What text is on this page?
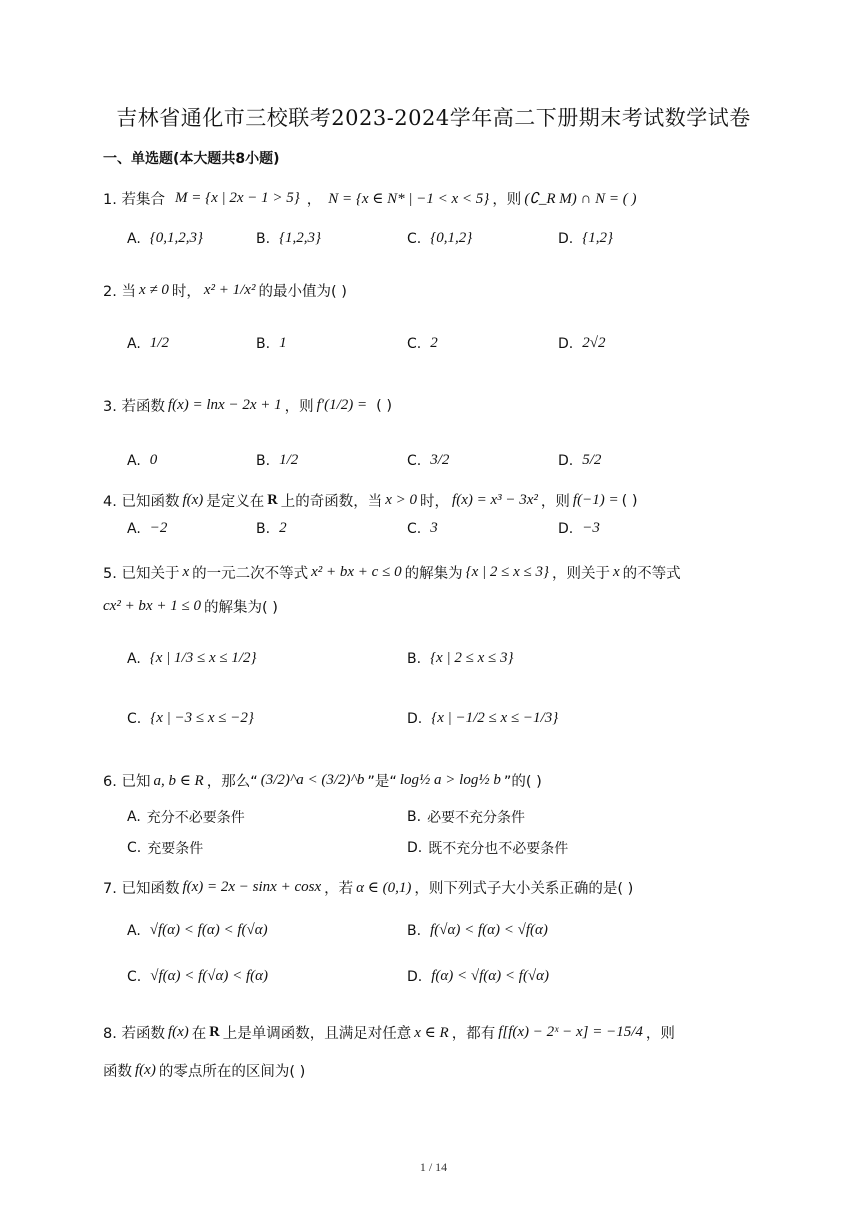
吉林省通化市三校联考2023-2024学年高二下册期末考试数学试卷
一、单选题(本大题共8小题)
1. 若集合 M = {x | 2x − 1 > 5} ， N = {x ∈ N* | −1 < x < 5} ，则 (∁_R M) ∩ N = ( )
A. {0,1,2,3}	B. {1,2,3}	C. {0,1,2}	D. {1,2}
2. 当 x ≠ 0 时， x² + 1/x² 的最小值为( )
A. 1/2	B. 1	C. 2	D. 2√2
3. 若函数 f(x) = lnx − 2x + 1 ，则 f′(1/2) = ( )
A. 0	B. 1/2	C. 3/2	D. 5/2
4. 已知函数 f(x) 是定义在 R 上的奇函数，当 x > 0 时， f(x) = x³ − 3x² ，则 f(−1) = ( )
A. −2	B. 2	C. 3	D. −3
5. 已知关于 x 的一元二次不等式 x² + bx + c ≤ 0 的解集为 {x | 2 ≤ x ≤ 3} ，则关于 x 的不等式
cx² + bx + 1 ≤ 0 的解集为( )
A. {x | 1/3 ≤ x ≤ 1/2}	B. {x | 2 ≤ x ≤ 3}
C. {x | −3 ≤ x ≤ −2}	D. {x | −1/2 ≤ x ≤ −1/3}
6. 已知 a, b ∈ R ，那么“ (3/2)^a < (3/2)^b ”是“ log½ a > log½ b ”的( )
A. 充分不必要条件	B. 必要不充分条件
C. 充要条件	D. 既不充分也不必要条件
7. 已知函数 f(x) = 2x − sinx + cosx ，若 α ∈ (0,1) ，则下列式子大小关系正确的是( )
A. √f(α) < f(α) < f(√α)	B. f(√α) < f(α) < √f(α)
C. √f(α) < f(√α) < f(α)	D. f(α) < √f(α) < f(√α)
8. 若函数 f(x) 在 R 上是单调函数，且满足对任意 x ∈ R ，都有 f[f(x) − 2ˣ − x] = −15/4 ，则
函数 f(x) 的零点所在的区间为( )
1 / 14
